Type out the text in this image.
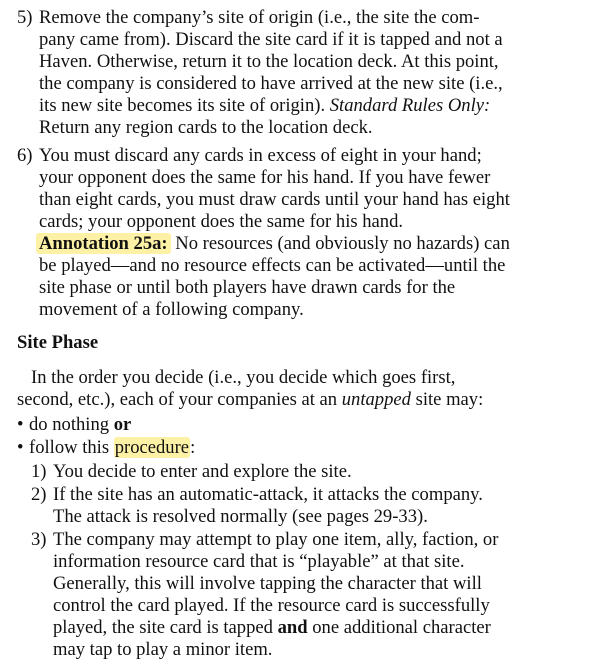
5) Remove the company’s site of origin (i.e., the site the com-
pany came from). Discard the site card if it is tapped and not a
Haven. Otherwise, return it to the location deck. At this point,
the company is considered to have arrived at the new site (i.e.,
its new site becomes its site of origin). Standard Rules Only:
Return any region cards to the location deck.
6) You must discard any cards in excess of eight in your hand;
your opponent does the same for his hand. If you have fewer
than eight cards, you must draw cards until your hand has eight
cards; your opponent does the same for his hand.
Annotation 25a: No resources (and obviously no hazards) can
be played—and no resource effects can be activated—until the
site phase or until both players have drawn cards for the
movement of a following company.
Site Phase
In the order you decide (i.e., you decide which goes first,
second, etc.), each of your companies at an untapped site may:
• do nothing or
• follow this procedure:
1) You decide to enter and explore the site.
2) If the site has an automatic-attack, it attacks the company.
The attack is resolved normally (see pages 29-33).
3) The company may attempt to play one item, ally, faction, or
information resource card that is “playable” at that site.
Generally, this will involve tapping the character that will
control the card played. If the resource card is successfully
played, the site card is tapped and one additional character
may tap to play a minor item.
